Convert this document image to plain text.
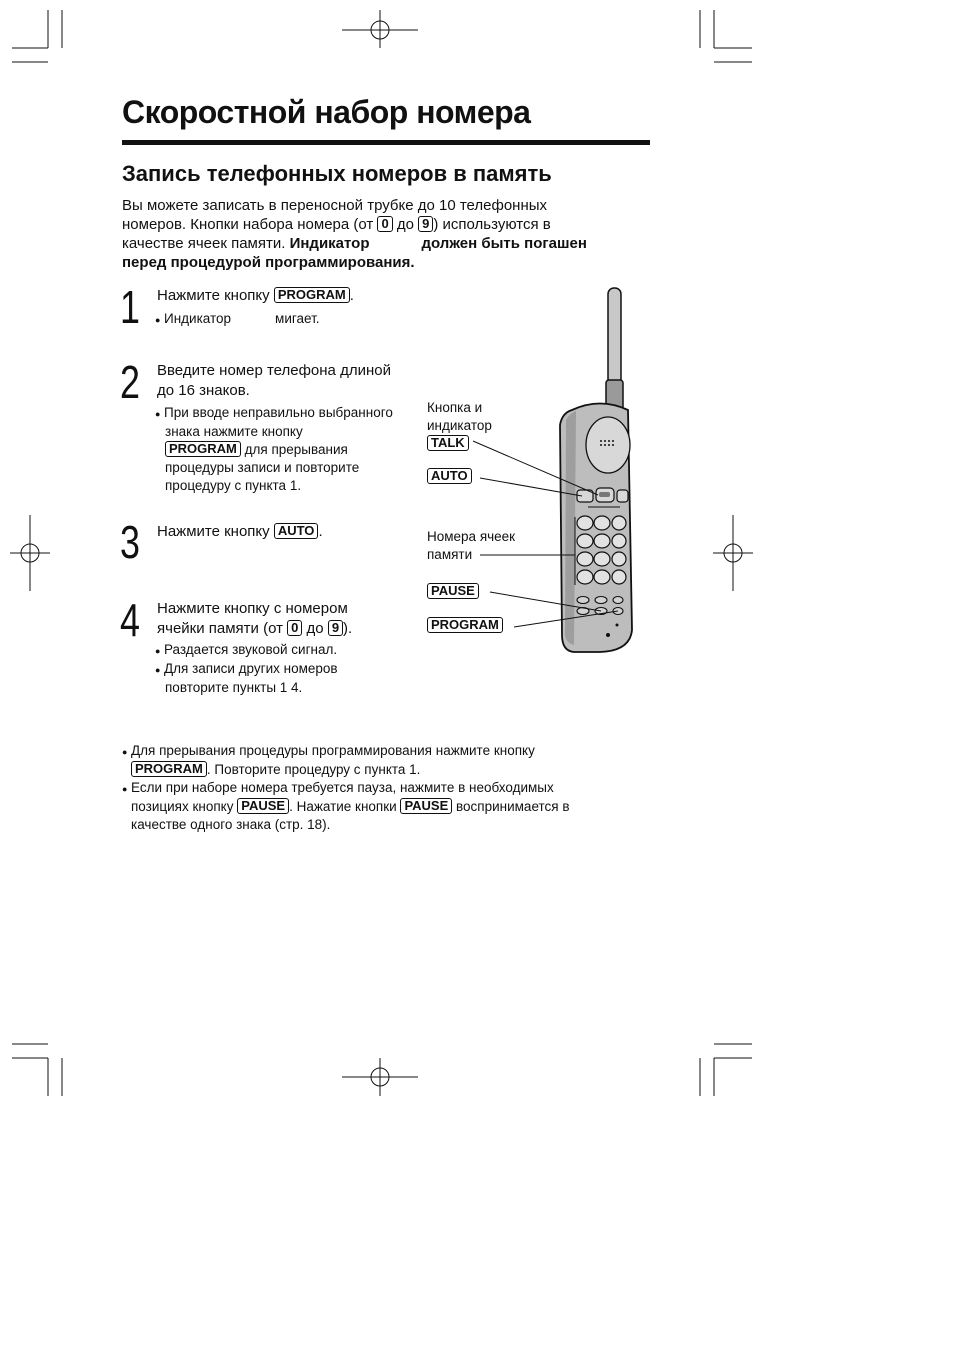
Скоростной набор номера
Запись телефонных номеров в память
Вы можете записать в переносной трубке до 10 телефонных
номеров. Кнопки набора номера (от 0 до 9 ) используются в
качестве ячеек памяти. Индикатор	должен быть погашен
перед процедурой программирования.
1 Нажмите кнопку PROGRAM .
● Индикатор	мигает.
2 Введите номер телефона длиной
до 16 знаков.
● При вводе неправильно выбранного
знака нажмите кнопку
PROGRAM для прерывания
процедуры записи и повторите
процедуру с пункта 1.
3 Нажмите кнопку AUTO .
4 Нажмите кнопку с номером
ячейки памяти (от 0 до 9 ).
● Раздается звуковой сигнал.
● Для записи других номеров
повторите пункты 1 4.
Кнопка и
индикатор
TALK
AUTO
Номера ячеек
памяти
PAUSE
PROGRAM
● Для прерывания процедуры программирования нажмите кнопку
PROGRAM . Повторите процедуру с пункта 1.
● Если при наборе номера требуется пауза, нажмите в необходимых
позициях кнопку PAUSE . Нажатие кнопки PAUSE воспринимается в
качестве одного знака (стр. 18).
